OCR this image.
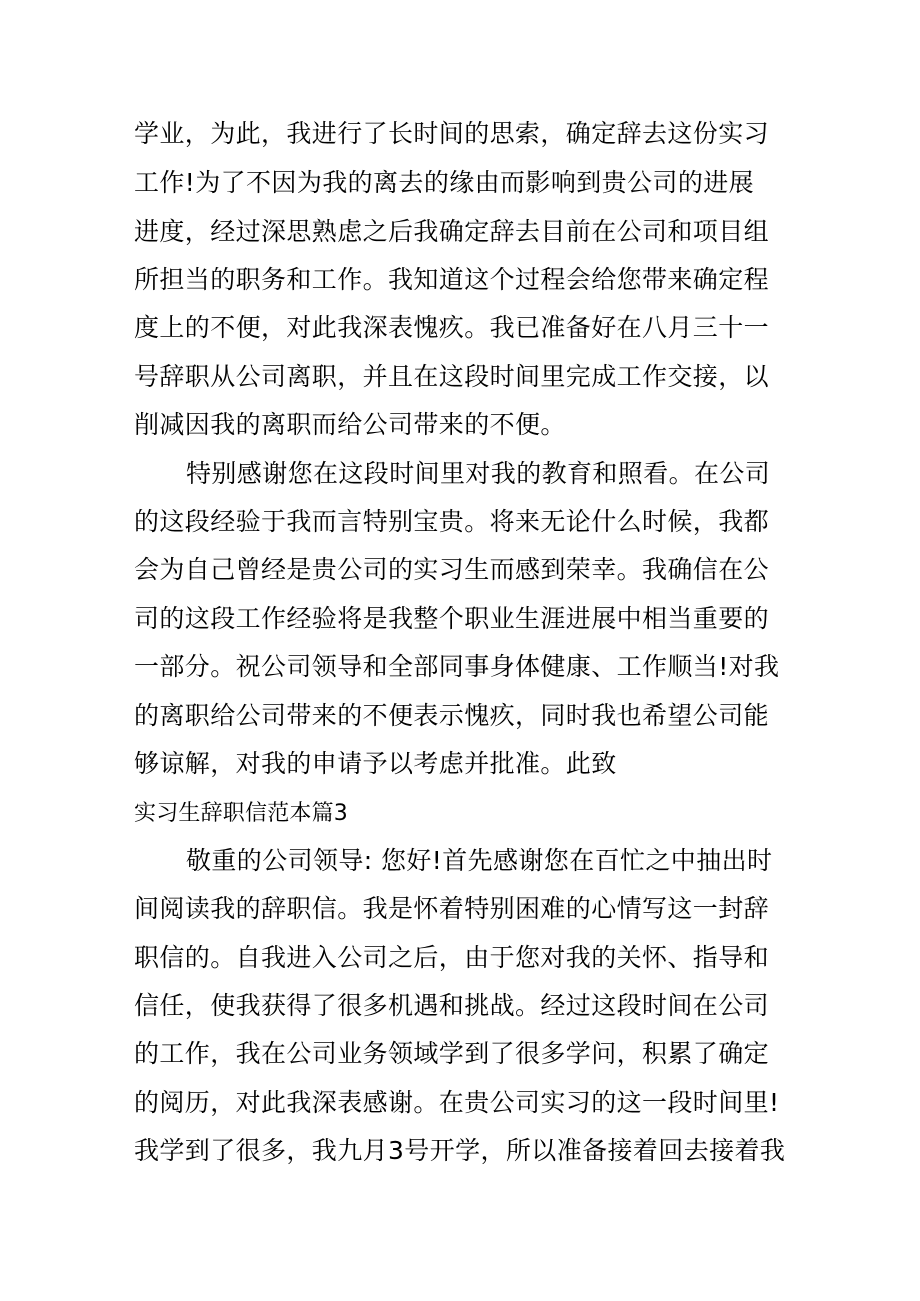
学业，为此，我进行了长时间的思索，确定辞去这份实习
工作!为了不因为我的离去的缘由而影响到贵公司的进展
进度，经过深思熟虑之后我确定辞去目前在公司和项目组
所担当的职务和工作。我知道这个过程会给您带来确定程
度上的不便，对此我深表愧疚。我已准备好在八月三十一
号辞职从公司离职，并且在这段时间里完成工作交接，以
削减因我的离职而给公司带来的不便。
特别感谢您在这段时间里对我的教育和照看。在公司
的这段经验于我而言特别宝贵。将来无论什么时候，我都
会为自己曾经是贵公司的实习生而感到荣幸。我确信在公
司的这段工作经验将是我整个职业生涯进展中相当重要的
一部分。祝公司领导和全部同事身体健康、工作顺当!对我
的离职给公司带来的不便表示愧疚，同时我也希望公司能
够谅解，对我的申请予以考虑并批准。此致
实习生辞职信范本篇3
敬重的公司领导: 您好!首先感谢您在百忙之中抽出时
间阅读我的辞职信。我是怀着特别困难的心情写这一封辞
职信的。自我进入公司之后，由于您对我的关怀、指导和
信任，使我获得了很多机遇和挑战。经过这段时间在公司
的工作，我在公司业务领域学到了很多学问，积累了确定
的阅历，对此我深表感谢。在贵公司实习的这一段时间里!
我学到了很多，我九月3号开学，所以准备接着回去接着我
